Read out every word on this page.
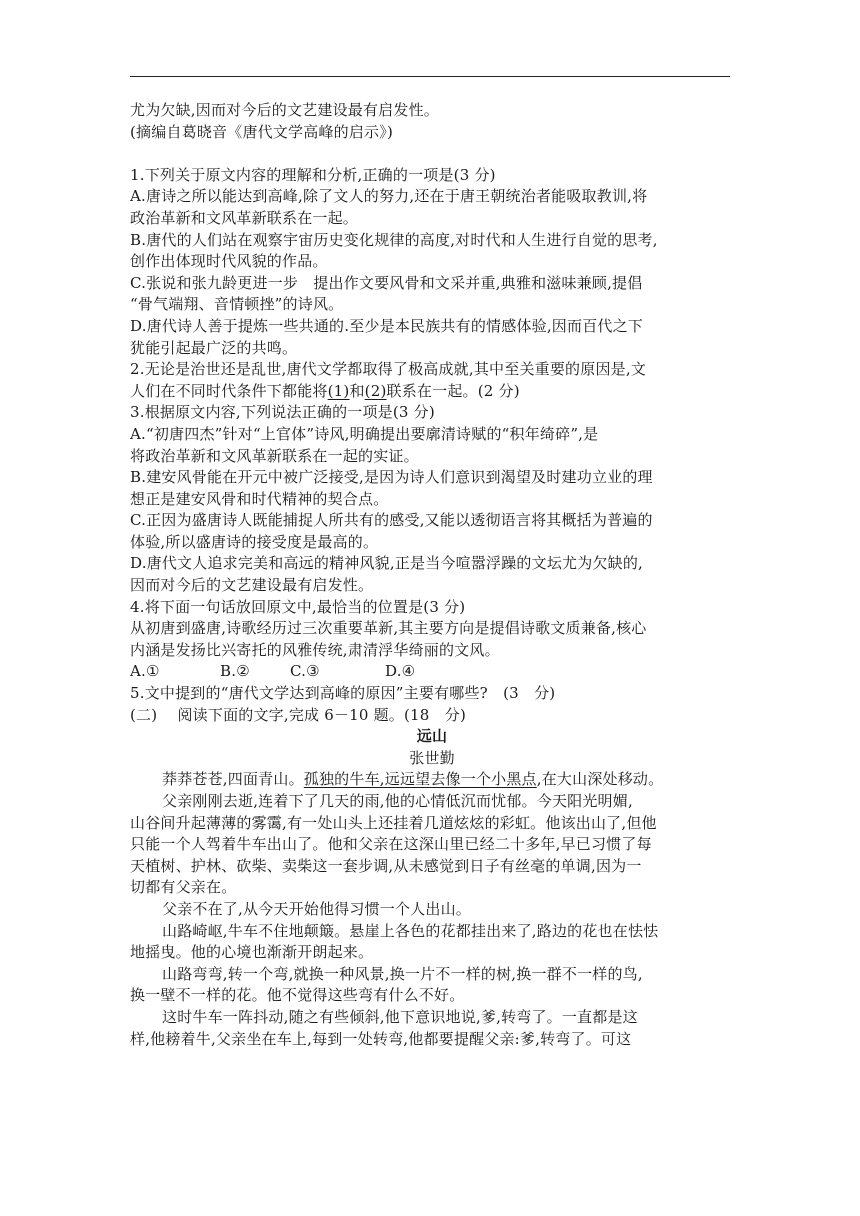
尤为欠缺,因而对今后的文艺建设最有启发性。
(摘编自葛晓音《唐代文学高峰的启示》)
1.下列关于原文内容的理解和分析,正确的一项是(3 分)
A.唐诗之所以能达到高峰,除了文人的努力,还在于唐王朝统治者能吸取教训,将
政治革新和文风革新联系在一起。
B.唐代的人们站在观察宇宙历史变化规律的高度,对时代和人生进行自觉的思考,
创作出体现时代风貌的作品。
C.张说和张九龄更进一步　提出作文要风骨和文采并重,典雅和滋味兼顾,提倡
“骨气端翔、音情顿挫”的诗风。
D.唐代诗人善于提炼一些共通的.至少是本民族共有的情感体验,因而百代之下
犹能引起最广泛的共鸣。
2.无论是治世还是乱世,唐代文学都取得了极高成就,其中至关重要的原因是,文
人们在不同时代条件下都能将(1)和(2)联系在一起。(2 分)
3.根据原文内容,下列说法正确的一项是(3 分)
A.“初唐四杰”针对“上官体”诗风,明确提出要廓清诗赋的“积年绮碎”,是
将政治革新和文风革新联系在一起的实证。
B.建安风骨能在开元中被广泛接受,是因为诗人们意识到渴望及时建功立业的理
想正是建安风骨和时代精神的契合点。
C.正因为盛唐诗人既能捕捉人所共有的感受,又能以透彻语言将其概括为普遍的
体验,所以盛唐诗的接受度是最高的。
D.唐代文人追求完美和高远的精神风貌,正是当今喧嚣浮躁的文坛尤为欠缺的,
因而对今后的文艺建设最有启发性。
4.将下面一句话放回原文中,最恰当的位置是(3 分)
从初唐到盛唐,诗歌经历过三次重要革新,其主要方向是提倡诗歌文质兼备,核心
内涵是发扬比兴寄托的风雅传统,肃清浮华绮丽的文风。
A.①	B.②	C.③	D.④
5.文中提到的“唐代文学达到高峰的原因”主要有哪些?　(3　分)
(二)　 阅读下面的文字,完成 6－10 题。(18　分)
远山
张世勤
莽莽苍苍,四面青山。孤独的牛车,远远望去像一个小黑点,在大山深处移动。
父亲刚刚去逝,连着下了几天的雨,他的心情低沉而忧郁。今天阳光明媚,
山谷间升起薄薄的雾霭,有一处山头上还挂着几道炫炫的彩虹。他该出山了,但他
只能一个人驾着牛车出山了。他和父亲在这深山里已经二十多年,早已习惯了每
天植树、护林、砍柴、卖柴这一套步调,从未感觉到日子有丝毫的单调,因为一
切都有父亲在。
父亲不在了,从今天开始他得习惯一个人出山。
山路崎岖,牛车不住地颠簸。悬崖上各色的花都挂出来了,路边的花也在怯怯
地摇曳。他的心境也渐渐开朗起来。
山路弯弯,转一个弯,就换一种风景,换一片不一样的树,换一群不一样的鸟,
换一壁不一样的花。他不觉得这些弯有什么不好。
这时牛车一阵抖动,随之有些倾斜,他下意识地说,爹,转弯了。一直都是这
样,他耪着牛,父亲坐在车上,每到一处转弯,他都要提醒父亲:爹,转弯了。可这
